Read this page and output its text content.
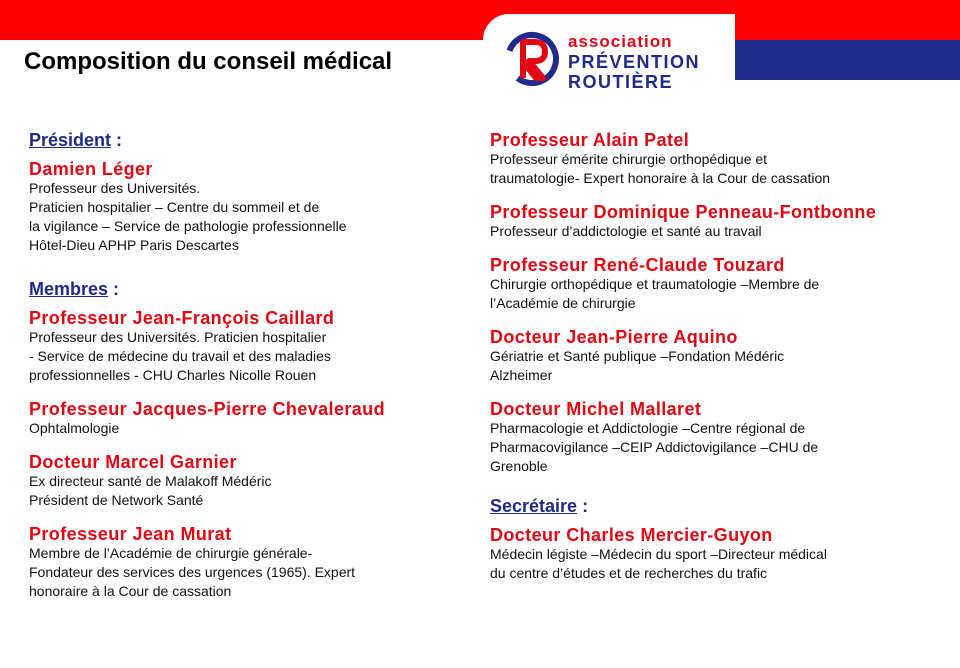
association
PRÉVENTION
ROUTIÈRE
Composition du conseil médical
Président :
Damien Léger
Professeur des Universités.
Praticien hospitalier – Centre du sommeil et de
la vigilance – Service de pathologie professionnelle
Hôtel-Dieu APHP Paris Descartes
Membres :
Professeur Jean-François Caillard
Professeur des Universités. Praticien hospitalier
- Service de médecine du travail et des maladies
professionnelles - CHU Charles Nicolle Rouen
Professeur Jacques-Pierre Chevaleraud
Ophtalmologie
Docteur Marcel Garnier
Ex directeur santé de Malakoff Médéric
Président de Network Santé
Professeur Jean Murat
Membre de l’Académie de chirurgie générale-
Fondateur des services des urgences (1965). Expert
honoraire à la Cour de cassation
Professeur Alain Patel
Professeur émérite chirurgie orthopédique et
traumatologie- Expert honoraire à la Cour de cassation
Professeur Dominique Penneau-Fontbonne
Professeur d’addictologie et santé au travail
Professeur René-Claude Touzard
Chirurgie orthopédique et traumatologie –Membre de
l’Académie de chirurgie
Docteur Jean-Pierre Aquino
Gériatrie et Santé publique –Fondation Médéric
Alzheimer
Docteur Michel Mallaret
Pharmacologie et Addictologie –Centre régional de
Pharmacovigilance –CEIP Addictovigilance –CHU de
Grenoble
Secrétaire :
Docteur Charles Mercier-Guyon
Médecin légiste –Médecin du sport –Directeur médical
du centre d’études et de recherches du trafic
